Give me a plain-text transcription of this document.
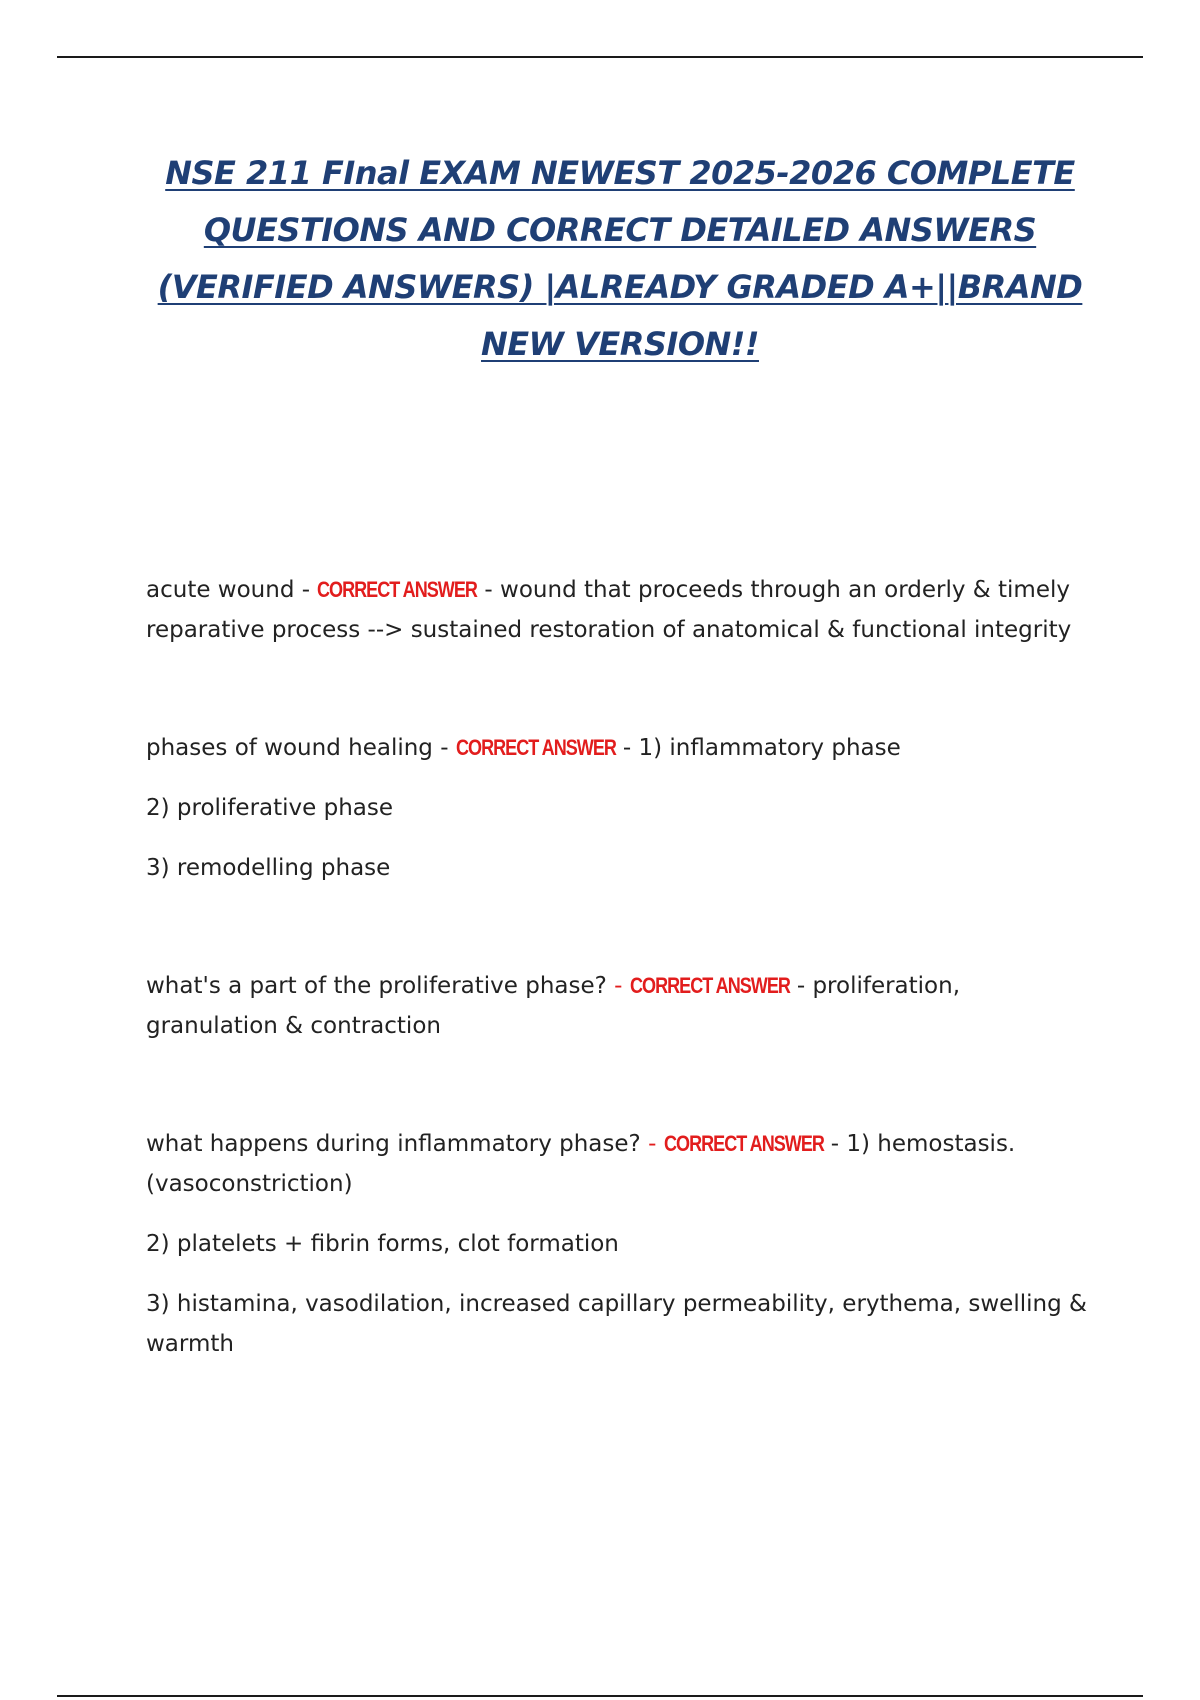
NSE 211 FInal EXAM NEWEST 2025-2026 COMPLETE
QUESTIONS AND CORRECT DETAILED ANSWERS
(VERIFIED ANSWERS) |ALREADY GRADED A+||BRAND
NEW VERSION!!

acute wound - CORRECT ANSWER - wound that proceeds through an orderly & timely reparative process --> sustained restoration of anatomical & functional integrity

phases of wound healing - CORRECT ANSWER - 1) inflammatory phase

2) proliferative phase

3) remodelling phase

what's a part of the proliferative phase? - CORRECT ANSWER - proliferation, granulation & contraction

what happens during inflammatory phase? - CORRECT ANSWER - 1) hemostasis. (vasoconstriction)

2) platelets + fibrin forms, clot formation

3) histamina, vasodilation, increased capillary permeability, erythema, swelling & warmth
